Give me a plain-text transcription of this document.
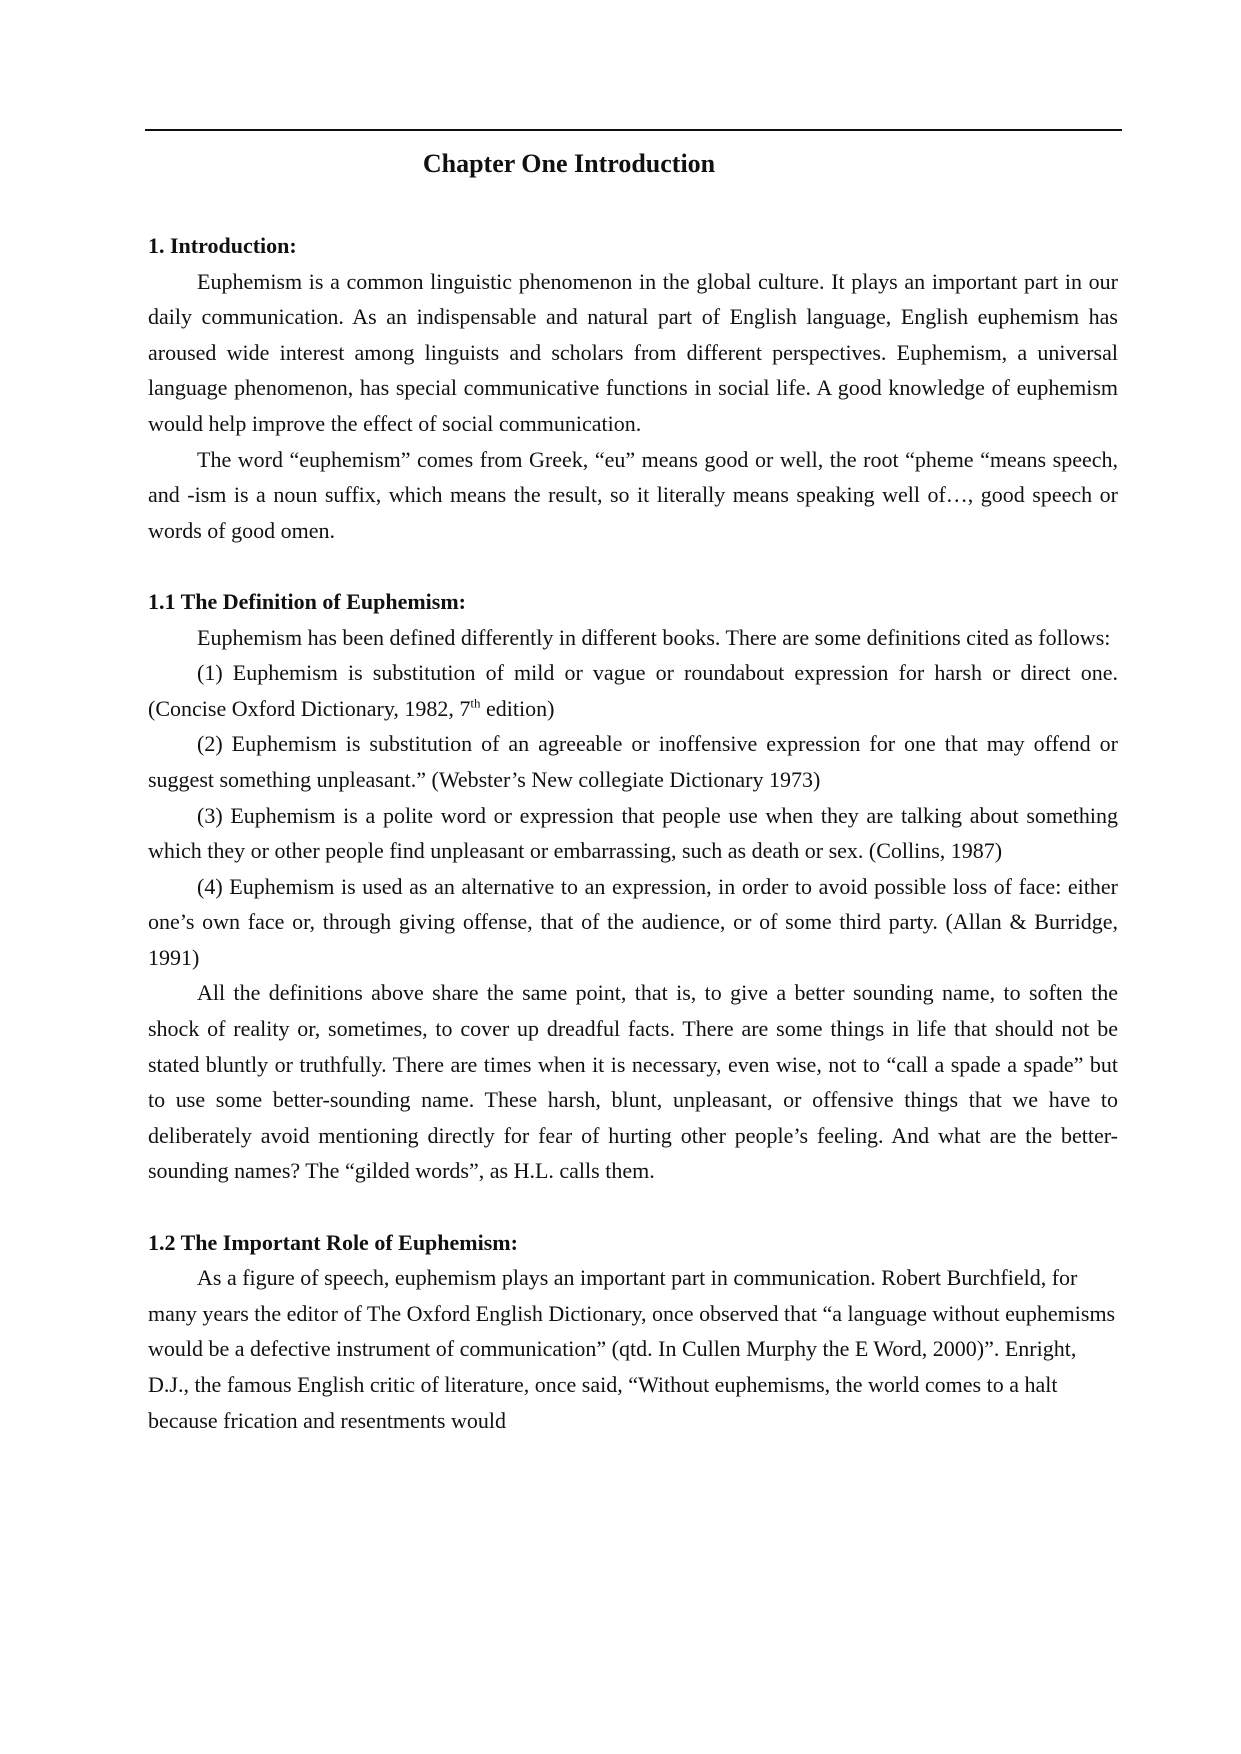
Chapter One Introduction

1. Introduction:

Euphemism is a common linguistic phenomenon in the global culture. It plays an important part in our daily communication. As an indispensable and natural part of English language, English euphemism has aroused wide interest among linguists and scholars from different perspectives. Euphemism, a universal language phenomenon, has special communicative functions in social life. A good knowledge of euphemism would help improve the effect of social communication.

The word “euphemism” comes from Greek, “eu” means good or well, the root “pheme “means speech, and -ism is a noun suffix, which means the result, so it literally means speaking well of…, good speech or words of good omen.

1.1 The Definition of Euphemism:

Euphemism has been defined differently in different books. There are some definitions cited as follows:

(1) Euphemism is substitution of mild or vague or roundabout expression for harsh or direct one. (Concise Oxford Dictionary, 1982, 7th edition)

(2) Euphemism is substitution of an agreeable or inoffensive expression for one that may offend or suggest something unpleasant.” (Webster’s New collegiate Dictionary 1973)

(3) Euphemism is a polite word or expression that people use when they are talking about something which they or other people find unpleasant or embarrassing, such as death or sex. (Collins, 1987)

(4) Euphemism is used as an alternative to an expression, in order to avoid possible loss of face: either one’s own face or, through giving offense, that of the audience, or of some third party. (Allan & Burridge, 1991)

All the definitions above share the same point, that is, to give a better sounding name, to soften the shock of reality or, sometimes, to cover up dreadful facts. There are some things in life that should not be stated bluntly or truthfully. There are times when it is necessary, even wise, not to “call a spade a spade” but to use some better-sounding name. These harsh, blunt, unpleasant, or offensive things that we have to deliberately avoid mentioning directly for fear of hurting other people’s feeling. And what are the better-sounding names? The “gilded words”, as H.L. calls them.

1.2 The Important Role of Euphemism:

As a figure of speech, euphemism plays an important part in communication. Robert Burchfield, for many years the editor of The Oxford English Dictionary, once observed that “a language without euphemisms would be a defective instrument of communication” (qtd. In Cullen Murphy the E Word, 2000)”. Enright, D.J., the famous English critic of literature, once said, “Without euphemisms, the world comes to a halt because frication and resentments would
